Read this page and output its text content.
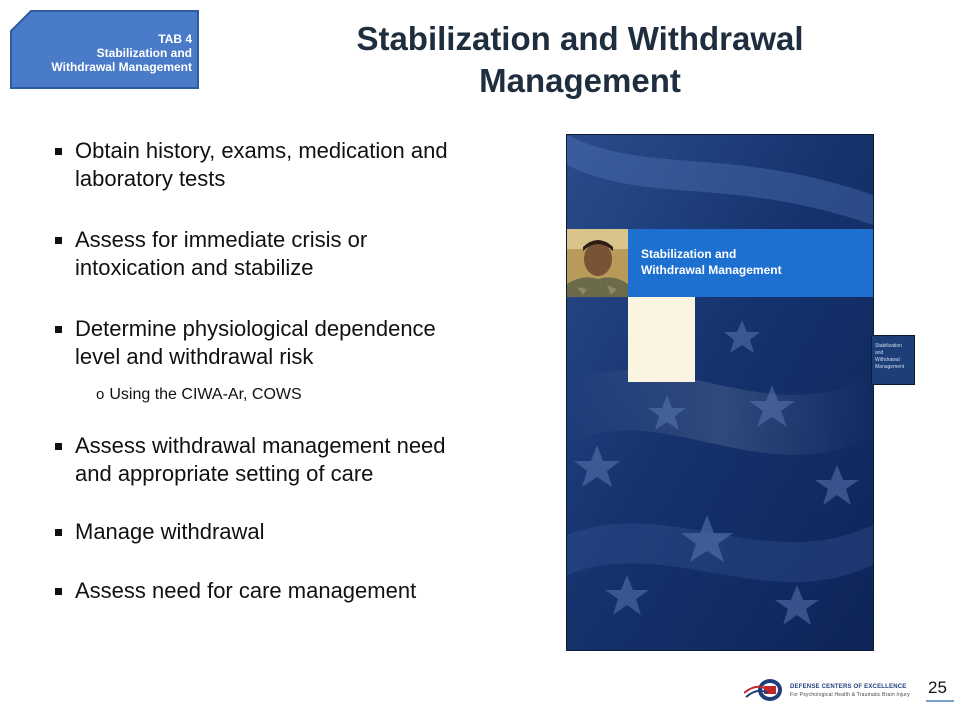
TAB 4
Stabilization and
Withdrawal Management
Stabilization and Withdrawal
Management
Obtain history, exams, medication and
laboratory tests
Assess for immediate crisis or
intoxication and stabilize
Determine physiological dependence
level and withdrawal risk
Assess withdrawal management need
and appropriate setting of care
Manage withdrawal
Assess need for care management
o Using the CIWA-Ar, COWS
Stabilization and
Withdrawal Management
Stabilization
and
Withdrawal
Management
DEFENSE CENTERS OF EXCELLENCE
For Psychological Health & Traumatic Brain Injury 25
